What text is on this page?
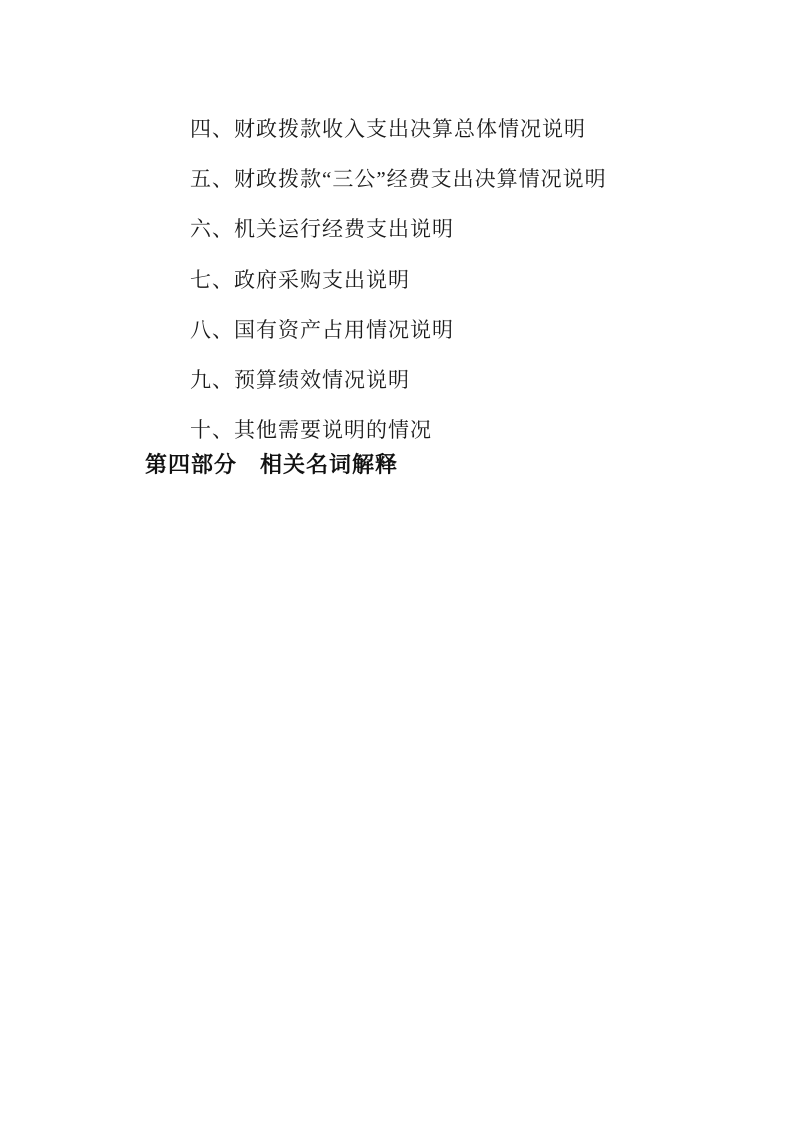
四、财政拨款收入支出决算总体情况说明

五、财政拨款“三公”经费支出决算情况说明

六、机关运行经费支出说明

七、政府采购支出说明

八、国有资产占用情况说明

九、预算绩效情况说明

十、其他需要说明的情况

第四部分　相关名词解释
